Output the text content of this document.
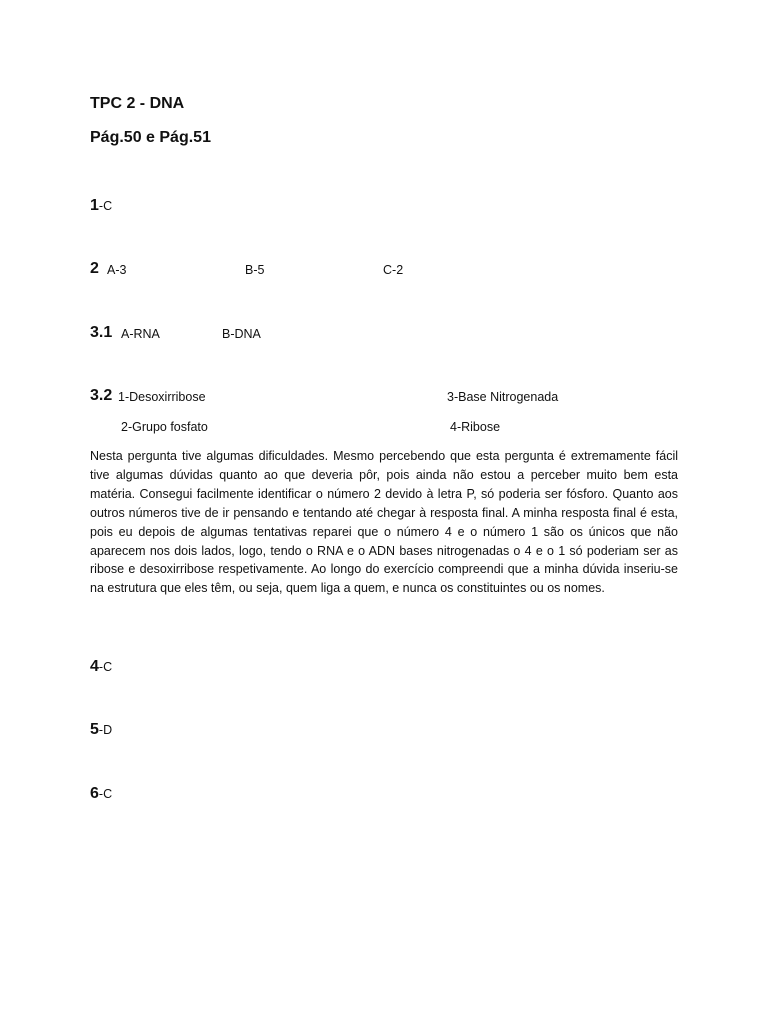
TPC 2 - DNA
Pág.50 e Pág.51
1-C
2 A-3	B-5	C-2
3.1 A-RNA	B-DNA
3.2 1-Desoxirribose	3-Base Nitrogenada
2-Grupo fosfato	4-Ribose
Nesta pergunta tive algumas dificuldades. Mesmo percebendo que esta pergunta é extremamente fácil tive algumas dúvidas quanto ao que deveria pôr, pois ainda não estou a perceber muito bem esta matéria. Consegui facilmente identificar o número 2 devido à letra P, só poderia ser fósforo. Quanto aos outros números tive de ir pensando e tentando até chegar à resposta final. A minha resposta final é esta, pois eu depois de algumas tentativas reparei que o número 4 e o número 1 são os únicos que não aparecem nos dois lados, logo, tendo o RNA e o ADN bases nitrogenadas o 4 e o 1 só poderiam ser as ribose e desoxirribose respetivamente. Ao longo do exercício compreendi que a minha dúvida inseriu-se na estrutura que eles têm, ou seja, quem liga a quem, e nunca os constituintes ou os nomes.
4-C
5-D
6-C
